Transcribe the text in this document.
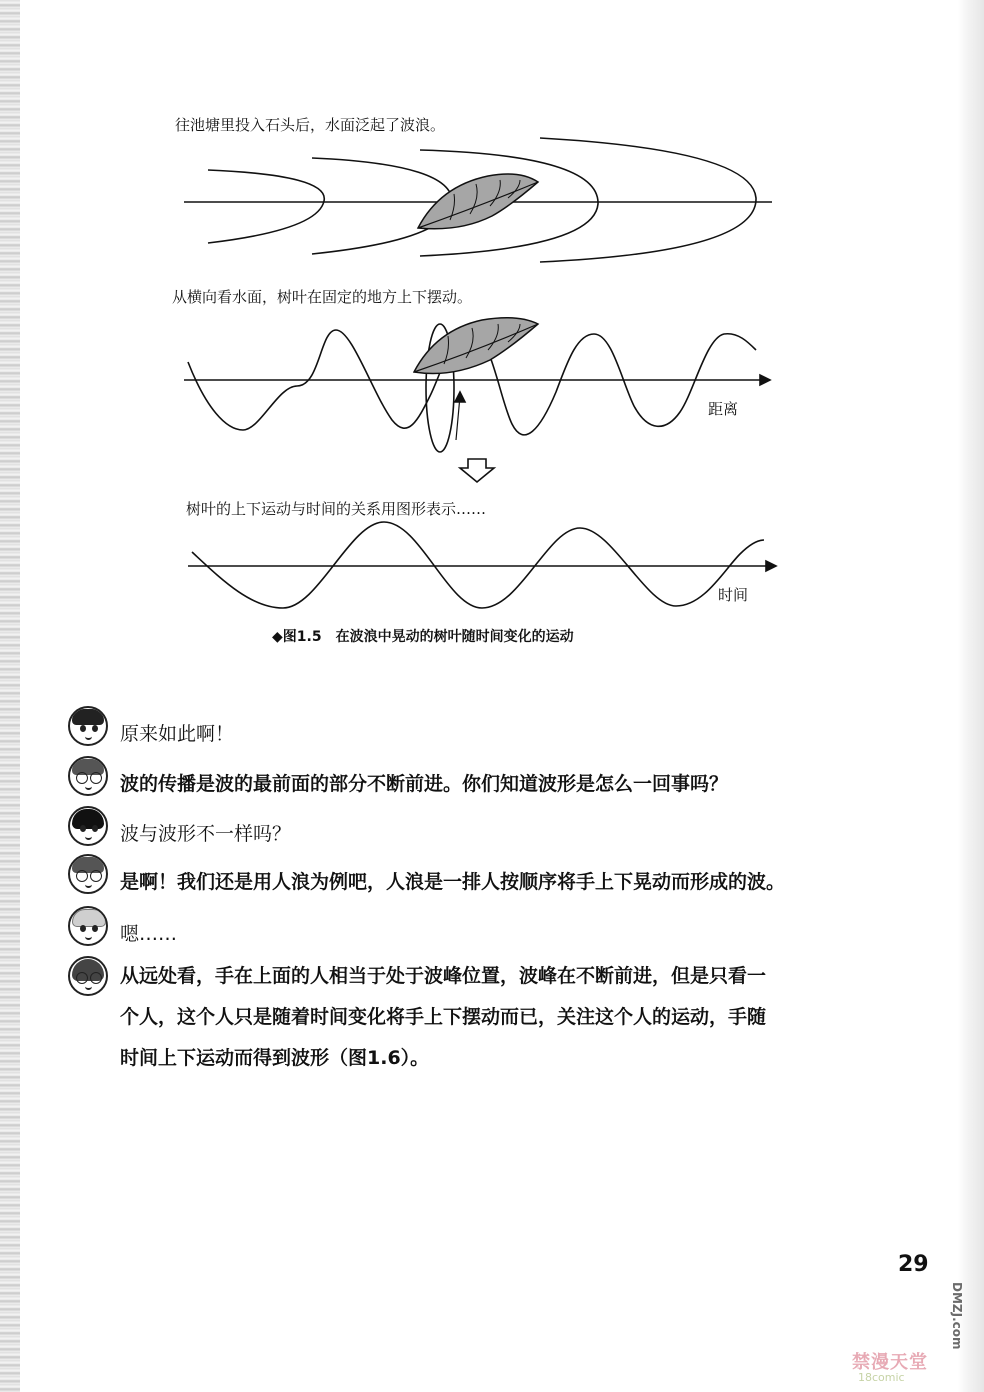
往池塘里投入石头后，水面泛起了波浪。
从横向看水面，树叶在固定的地方上下摆动。
距离
树叶的上下运动与时间的关系用图形表示……
时间
◆图1.5　在波浪中晃动的树叶随时间变化的运动
原来如此啊！
波的传播是波的最前面的部分不断前进。你们知道波形是怎么一回事吗？
波与波形不一样吗？
是啊！我们还是用人浪为例吧，人浪是一排人按顺序将手上下晃动而形成的波。
嗯……
从远处看，手在上面的人相当于处于波峰位置，波峰在不断前进，但是只看一
个人，这个人只是随着时间变化将手上下摆动而已，关注这个人的运动，手随
时间上下运动而得到波形（图1.6）。
29
DMZJ.com
禁漫天堂
18comic
